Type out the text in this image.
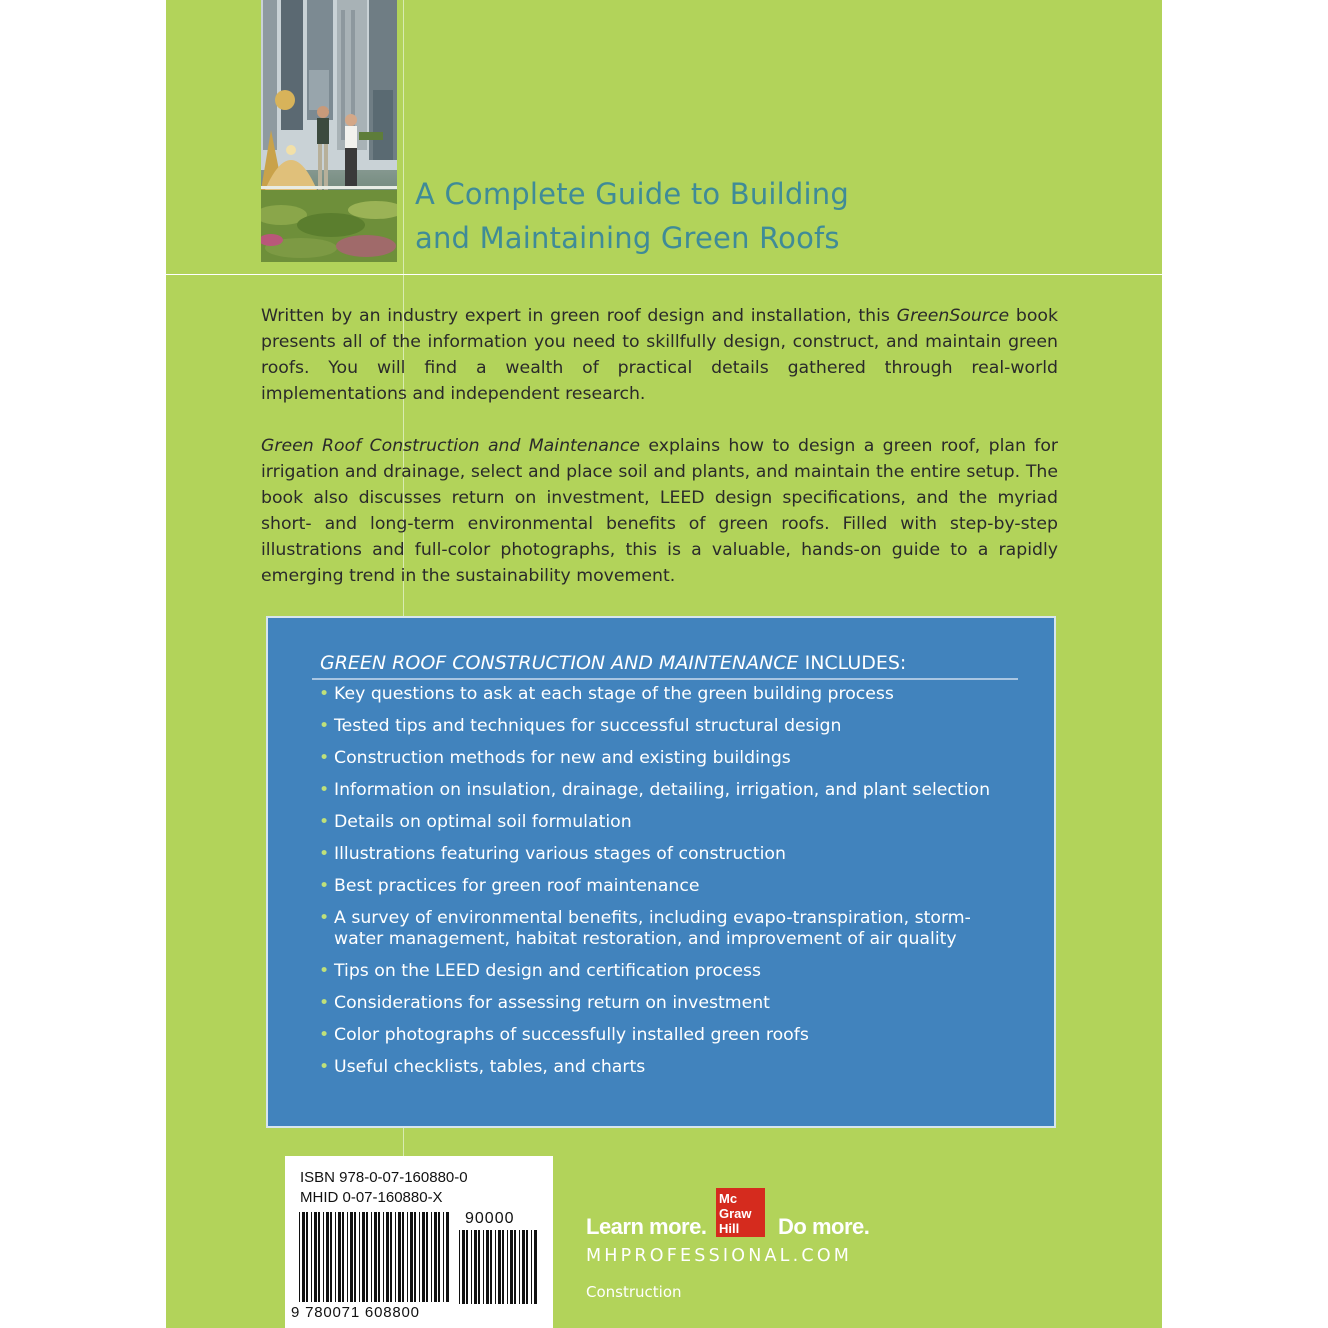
A Complete Guide to Building
and Maintaining Green Roofs
Written by an industry expert in green roof design and installation, this GreenSource book presents all of the information you need to skillfully design, construct, and maintain green roofs. You will find a wealth of practical details gathered through real-world implementations and independent research.
Green Roof Construction and Maintenance explains how to design a green roof, plan for irrigation and drainage, select and place soil and plants, and maintain the entire setup. The book also discusses return on investment, LEED design specifications, and the myriad short- and long-term environmental benefits of green roofs. Filled with step-by-step illustrations and full-color photographs, this is a valuable, hands-on guide to a rapidly emerging trend in the sustainability movement.
GREEN ROOF CONSTRUCTION AND MAINTENANCE INCLUDES:
• Key questions to ask at each stage of the green building process
• Tested tips and techniques for successful structural design
• Construction methods for new and existing buildings
• Information on insulation, drainage, detailing, irrigation, and plant selection
• Details on optimal soil formulation
• Illustrations featuring various stages of construction
• Best practices for green roof maintenance
• A survey of environmental benefits, including evapo-transpiration, storm-water management, habitat restoration, and improvement of air quality
• Tips on the LEED design and certification process
• Considerations for assessing return on investment
• Color photographs of successfully installed green roofs
• Useful checklists, tables, and charts
ISBN 978-0-07-160880-0
MHID 0-07-160880-X
90000
9 780071 608800
Learn more.
Mc
Graw
Hill Do more.
MHPROFESSIONAL.COM
Construction
